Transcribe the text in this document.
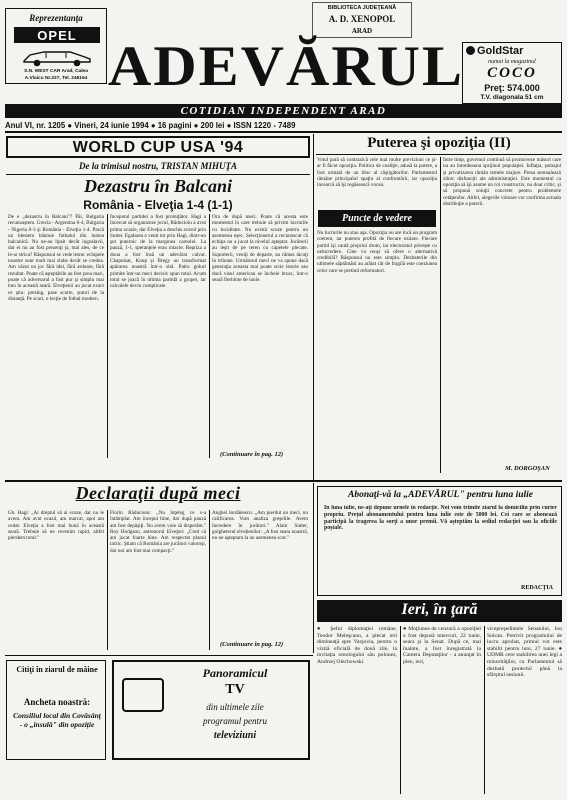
BIBLIOTECA JUDEŢEANĂ
A. D. XENOPOL
ARAD
Reprezentanţa
OPEL
S.N. WEST CAR Arad, Calea
A.Vlaicu Nr.227, Tel. 246164 ADEVĂRUL GoldStar
numai la magazinul
COCO
Preţ: 574.000
T.V. diagonala 51 cm
COTIDIAN INDEPENDENT ARAD
Anul VI, nr. 1205 ● Vineri, 24 iunie 1994 ● 16 pagini ● 200 lei ● ISSN 1220 - 7489
WORLD CUP USA '94
De la trimisul nostru, TRISTAN MIHUŢA
Dezastru în Balcani
România - Elveţia 1-4 (1-1)
De e „dezastru în Balcani"? Păi, Bulgaria recunoaştem. Grecia - Argentina 0-4, Bulgaria - Nigeria 0-3 şi România - Elveţia 1-4. Parcă un blestem bântuie fotbalul din lumea balcanică. Nu ne-au lipsit decât iugoslavii, dar ei nu au fost prezenţi şi, mai ales, de ce le-ar strica? Răspunsul se vede lesne: echipele noastre sunt mult mai slabe decât se credea. Am văzut un joc fără idei, fără ardoare, fără rezultat. Poate că aşteptările au fost prea mari, poate că adversarul a fost pur şi simplu mai bun în această seară. Elveţienii au jucat exact ce ştiu: presing, pase scurte, şuturi de la distanţă. Pe scurt, o lecţie de fotbal modern.
Începutul partidei a fost promiţător. Hagi a încercat să organizeze jocul, Răducioiu a avut prima ocazie, dar Elveţia a deschis scorul prin Sutter. Egalarea a venit tot prin Hagi, dintr-un şut puternic de la marginea careului. La pauză, 1-1, speranţele erau intacte. Repriza a doua a fost însă un adevărat calvar. Chapuisat, Knup şi Bregy au transformat apărarea noastră într-o sită. Patru goluri primite într-un meci decisiv spun totul. Acum totul se joacă în ultima partidă a grupei, iar calculele devin complicate.
Ora de după meci. Poate că acesta este momentul în care trebuie să privim lucrurile cu luciditate. Nu există scuze pentru un asemenea eşec. Selecţionerul a recunoscut că echipa nu a jucat la nivelul aşteptat. Jucătorii au ieşit de pe teren cu capetele plecate. Suporterii, veniţi de departe, au rămas tăcuţi în tribune. Următorul meci ne va spune dacă generaţia aceasta mai poate scrie istorie sau dacă visul american se încheie brusc, într-o seară fierbinte de iunie.
(Continuare în pag. 12)
Puterea şi opoziţia (II)
Votul pară să contrazică cele mai multe previziuni ce şi-ar fi făcut opoziţia. Politica de coaliţie, adusă la putere, a fost urmată de un bloc al câştigătorilor. Parlamentul rămâne principalul spaţiu al confruntării, iar opoziţia încearcă să îşi regăsească vocea.
Puncte de vedere
Nu lucrurile nu stau aşa. Opoziţia nu are încă un program coerent, iar puterea profită de fiecare ezitare. Fiecare partid îşi caută propriul drum, iar electoratul priveşte cu neîncredere. Cine va reuşi să ofere o alternativă credibilă? Răspunsul nu este simplu. Dezbaterile din ultimele săptămâni au arătat cât de fragilă este coeziunea celor care se pretind reformatori.
Între timp, guvernul continuă să promoveze măsuri care nu au întotdeauna sprijinul populaţiei. Inflaţia, şomajul şi privatizarea rămân temele majore. Presa semnalează zilnic disfuncţii ale administraţiei. Este momentul ca opoziţia să îşi asume un rol constructiv, nu doar critic, şi să propună soluţii concrete pentru problemele cetăţenilor. Altfel, alegerile viitoare vor confirma actuala distribuţie a puterii.
M. DORGOŞAN
Declaraţii după meci
Gh. Hagi: „Ai dreptul să ai scuze, dar nu le avem. Am avut ocazii, am marcat, apoi am cedat. Elveţia a fost mai bună în această seară. Trebuie să ne revenim rapid, altfel pierdem totul."
Florin Răducioiu: „Nu înţeleg ce s-a întâmplat. Am început bine, dar după pauză am fost depăşiţi. Nu avem voie să disperăm." Roy Hodgson, antrenorul Elveţiei: „Cred că am jucat foarte bine. Am respectat planul tactic. Ştiam că România are jucători valoroşi, dar noi am fost mai compacţi."
Anghel Iordănescu: „Am pierdut un meci, nu calificarea. Vom analiza greşelile. Avem încredere în jucători." Alain Sutter, golgheterul elveţienilor: „A fost seara noastră, nu ne aşteptam la un asemenea scor."
(Continuare în pag. 12)
Abonaţi-vă la „ADEVĂRUL" pentru luna iulie
În luna iulie, ne-aţi depune urnele în redacţie. Noi vom trimite ziarul la domiciliu prin curier propriu. Preţul abonamentului pentru luna iulie este de 5000 lei. Cei care se abonează participă la tragerea la sorţi a unor premii. Vă aşteptăm la sediul redacţiei sau la oficiile poştale.
REDACŢIA
Ieri, în ţară
Citiţi în ziarul de mâine
Ancheta noastră:
Consiliul local din Covăsânţ - o „insulă" din opoziţie
Panoramicul
TV
din ultimele zile
programul pentru
televiziuni
● Şeful diplomaţiei române, Teodor Meleşcanu, a plecat ieri dimineaţă spre Varşovia, pentru o vizită oficială de două zile, la invitaţia omologului său polonez, Andrzej Olechowski.
● Moţiunea de cenzură a opoziţiei a fost depusă miercuri, 22 iunie, seara şi la Senat. După ce, mai înainte, a fost înregistrată la Camera Deputaţilor - a anunţat în plen, ieri,
vicepreşedintele Senatului, Ion Solcan. Potrivit programului de lucru aprobat, primul vot este stabilit pentru luni, 27 iunie. ● UDMR cere stabilirea unei legi a minorităţilor, ca Parlamentul să dezbată proiectul până la sfârşitul sesiunii.
